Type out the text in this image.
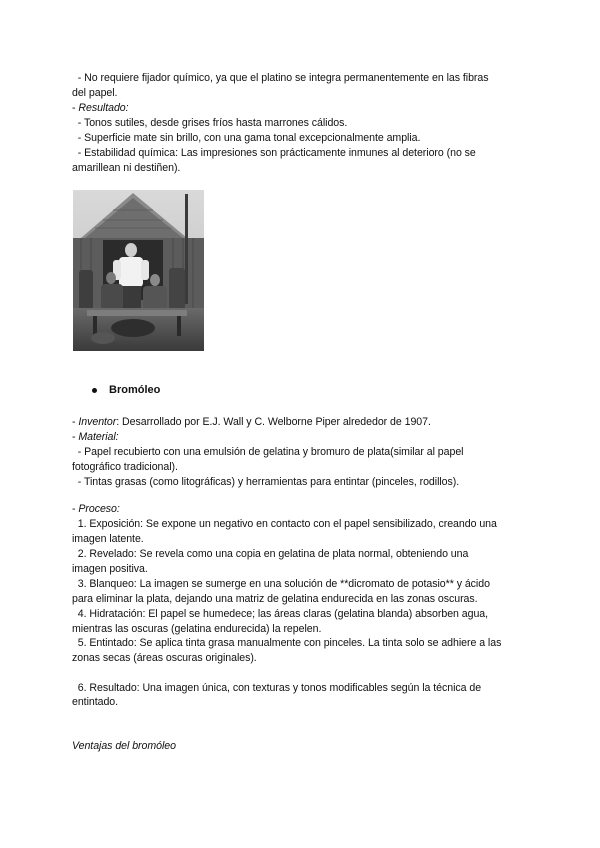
- No requiere fijador químico, ya que el platino se integra permanentemente en las fibras
del papel.
- Resultado:
- Tonos sutiles, desde grises fríos hasta marrones cálidos.
- Superficie mate sin brillo, con una gama tonal excepcionalmente amplia.
- Estabilidad química: Las impresiones son prácticamente inmunes al deterioro (no se
amarillean ni destiñen).
Bromóleo
- Inventor: Desarrollado por E.J. Wall y C. Welborne Piper alrededor de 1907.
- Material:
- Papel recubierto con una emulsión de gelatina y bromuro de plata(similar al papel
fotográfico tradicional).
- Tintas grasas (como litográficas) y herramientas para entintar (pinceles, rodillos).
- Proceso:
1. Exposición: Se expone un negativo en contacto con el papel sensibilizado, creando una
imagen latente.
2. Revelado: Se revela como una copia en gelatina de plata normal, obteniendo una
imagen positiva.
3. Blanqueo: La imagen se sumerge en una solución de **dicromato de potasio** y ácido
para eliminar la plata, dejando una matriz de gelatina endurecida en las zonas oscuras.
4. Hidratación: El papel se humedece; las áreas claras (gelatina blanda) absorben agua,
mientras las oscuras (gelatina endurecida) la repelen.
5. Entintado: Se aplica tinta grasa manualmente con pinceles. La tinta solo se adhiere a las
zonas secas (áreas oscuras originales).
6. Resultado: Una imagen única, con texturas y tonos modificables según la técnica de
entintado.
Ventajas del bromóleo
